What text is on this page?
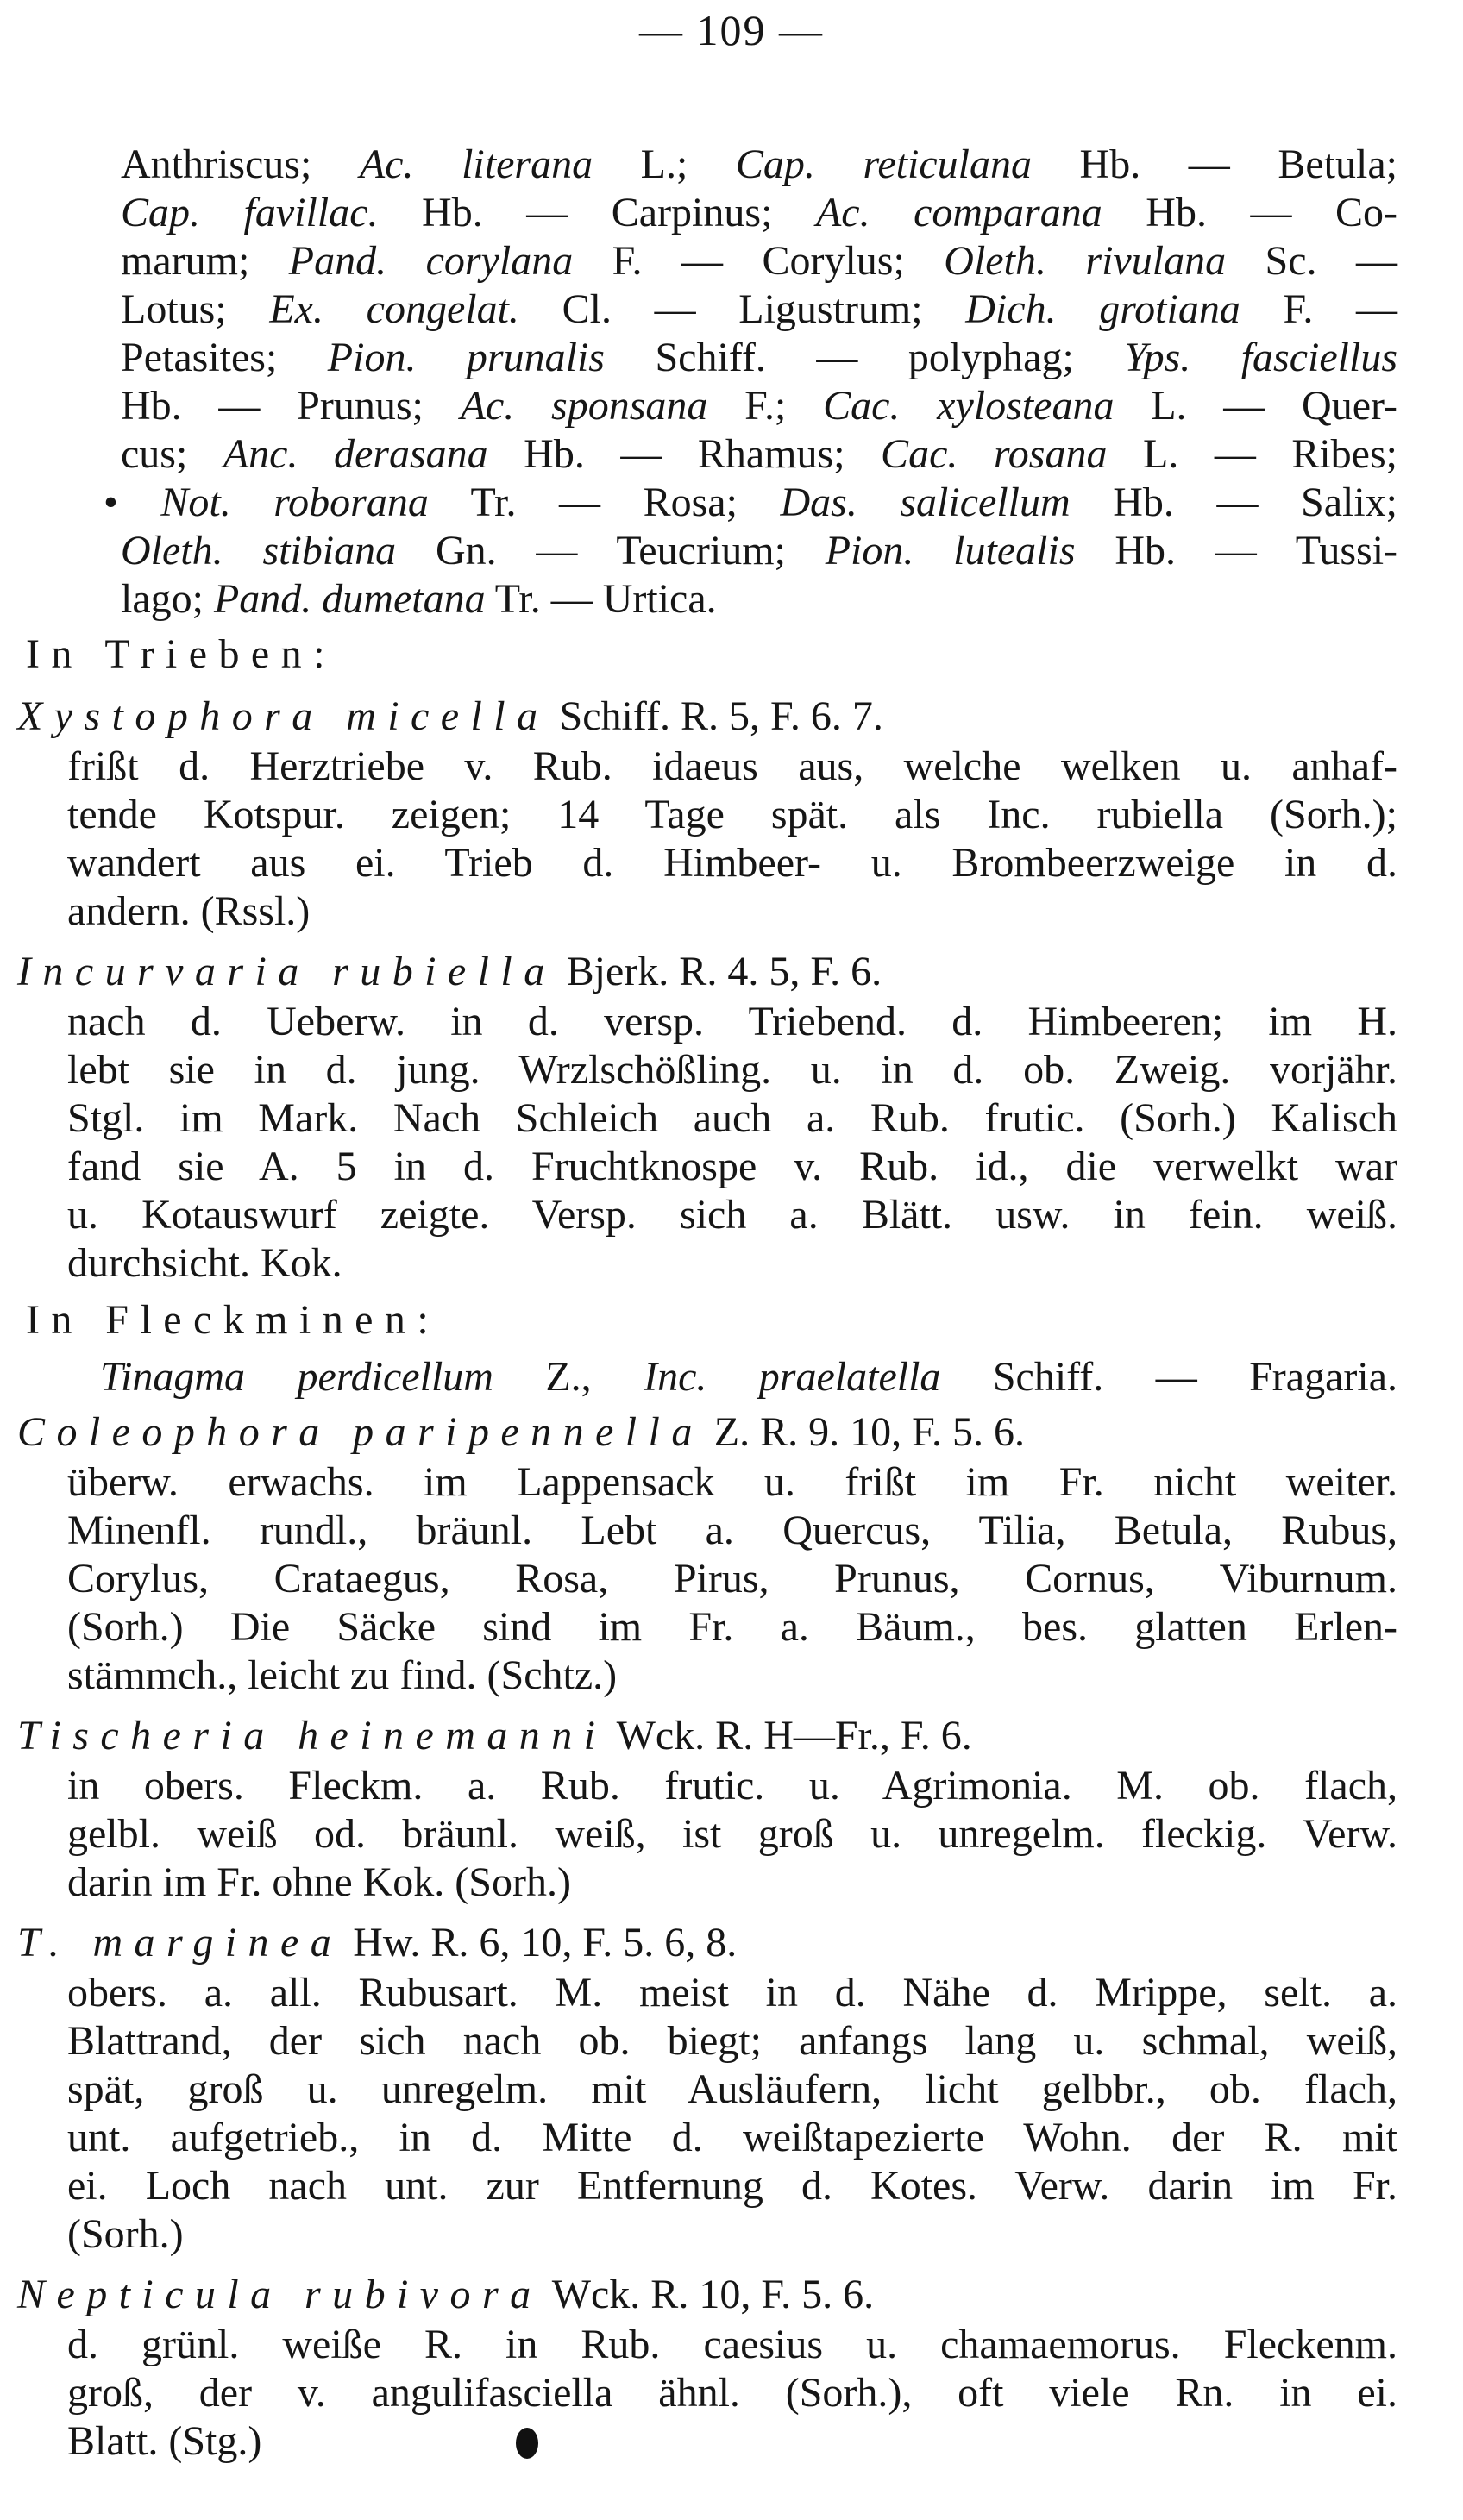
— 109 —
Anthriscus; Ac. literana L.; Cap. reticulana Hb. — Betula;
Cap. favillac. Hb. — Carpinus; Ac. comparana Hb. — Co-
marum; Pand. corylana F. — Corylus; Oleth. rivulana Sc. —
Lotus; Ex. congelat. Cl. — Ligustrum; Dich. grotiana F. —
Petasites; Pion. prunalis Schiff. — polyphag; Yps. fasciellus
Hb. — Prunus; Ac. sponsana F.; Cac. xylosteana L. — Quer-
cus; Anc. derasana Hb. — Rhamus; Cac. rosana L. — Ribes;
• Not. roborana Tr. — Rosa; Das. salicellum Hb. — Salix;
Oleth. stibiana Gn. — Teucrium; Pion. lutealis Hb. — Tussi-
lago; Pand. dumetana Tr. — Urtica.
In Trieben:
Xystophora micella Schiff. R. 5, F. 6. 7.
frißt d. Herztriebe v. Rub. idaeus aus, welche welken u. anhaf-
tende Kotspur. zeigen; 14 Tage spät. als Inc. rubiella (Sorh.);
wandert aus ei. Trieb d. Himbeer- u. Brombeerzweige in d.
andern. (Rssl.)
Incurvaria rubiella Bjerk. R. 4. 5, F. 6.
nach d. Ueberw. in d. versp. Triebend. d. Himbeeren; im H.
lebt sie in d. jung. Wrzlschößling. u. in d. ob. Zweig. vorjähr.
Stgl. im Mark. Nach Schleich auch a. Rub. frutic. (Sorh.) Kalisch
fand sie A. 5 in d. Fruchtknospe v. Rub. id., die verwelkt war
u. Kotauswurf zeigte. Versp. sich a. Blätt. usw. in fein. weiß.
durchsicht. Kok.
In Fleckminen:
Tinagma perdicellum Z., Inc. praelatella Schiff. — Fragaria.
Coleophora paripennella Z. R. 9. 10, F. 5. 6.
überw. erwachs. im Lappensack u. frißt im Fr. nicht weiter.
Minenfl. rundl., bräunl. Lebt a. Quercus, Tilia, Betula, Rubus,
Corylus, Crataegus, Rosa, Pirus, Prunus, Cornus, Viburnum.
(Sorh.) Die Säcke sind im Fr. a. Bäum., bes. glatten Erlen-
stämmch., leicht zu find. (Schtz.)
Tischeria heinemanni Wck. R. H—Fr., F. 6.
in obers. Fleckm. a. Rub. frutic. u. Agrimonia. M. ob. flach,
gelbl. weiß od. bräunl. weiß, ist groß u. unregelm. fleckig. Verw.
darin im Fr. ohne Kok. (Sorh.)
T. marginea Hw. R. 6, 10, F. 5. 6, 8.
obers. a. all. Rubusart. M. meist in d. Nähe d. Mrippe, selt. a.
Blattrand, der sich nach ob. biegt; anfangs lang u. schmal, weiß,
spät, groß u. unregelm. mit Ausläufern, licht gelbbr., ob. flach,
unt. aufgetrieb., in d. Mitte d. weißtapezierte Wohn. der R. mit
ei. Loch nach unt. zur Entfernung d. Kotes. Verw. darin im Fr.
(Sorh.)
Nepticula rubivora Wck. R. 10, F. 5. 6.
d. grünl. weiße R. in Rub. caesius u. chamaemorus. Fleckenm.
groß, der v. angulifasciella ähnl. (Sorh.), oft viele Rn. in ei.
Blatt. (Stg.)
